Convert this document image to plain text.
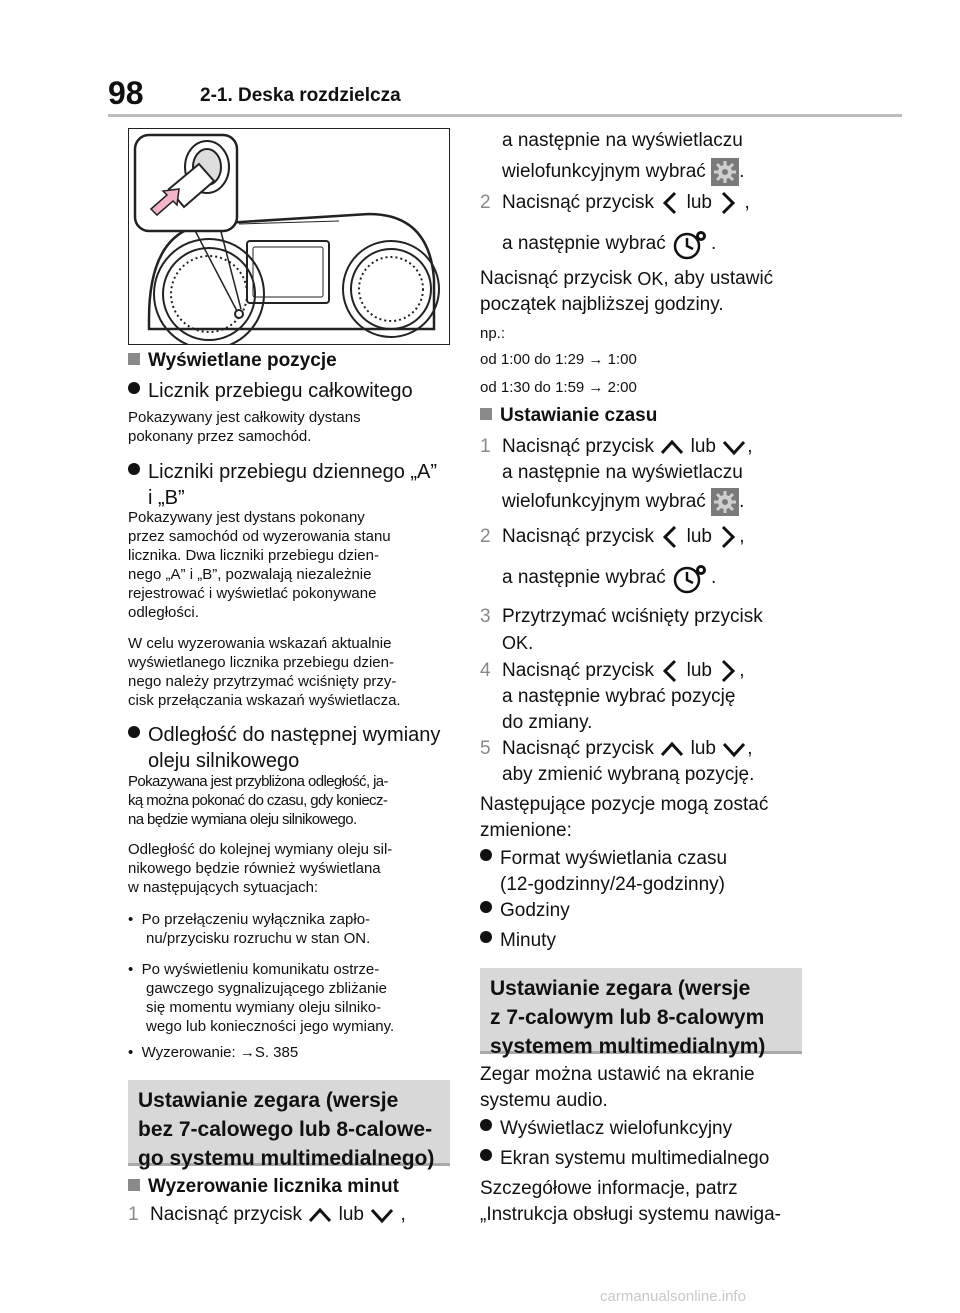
98	2-1. Deska rozdzielcza
Wyświetlane pozycje
Licznik przebiegu całkowitego
Pokazywany jest całkowity dystans
pokonany przez samochód.
Liczniki przebiegu dziennego „A”
i „B”
Pokazywany jest dystans pokonany
przez samochód od wyzerowania stanu
licznika. Dwa liczniki przebiegu dzien-
nego „A” i „B”, pozwalają niezależnie
rejestrować i wyświetlać pokonywane
odległości.
W celu wyzerowania wskazań aktualnie
wyświetlanego licznika przebiegu dzien-
nego należy przytrzymać wciśnięty przy-
cisk przełączania wskazań wyświetlacza.
Odległość do następnej wymiany
oleju silnikowego
Pokazywana jest przybliżona odległość, ja-
ką można pokonać do czasu, gdy koniecz-
na będzie wymiana oleju silnikowego.
Odległość do kolejnej wymiany oleju sil-
nikowego będzie również wyświetlana
w następujących sytuacjach:
•  Po przełączeniu wyłącznika zapło-
nu/przycisku rozruchu w stan ON.
•  Po wyświetleniu komunikatu ostrze-
gawczego sygnalizującego zbliżanie
się momentu wymiany oleju silniko-
wego lub konieczności jego wymiany.
•  Wyzerowanie: →S. 385
Ustawianie zegara (wersje
bez 7-calowego lub 8-calowe-
go systemu multimedialnego)
Wyzerowanie licznika minut
1 Nacisnąć przycisk lub ,
a następnie na wyświetlaczu
wielofunkcyjnym wybrać .
2 Nacisnąć przycisk lub ,
a następnie wybrać .
Nacisnąć przycisk OK, aby ustawić
początek najbliższej godziny.
np.:
od 1:00 do 1:29 → 1:00
od 1:30 do 1:59 → 2:00
Ustawianie czasu
1 Nacisnąć przycisk lub ,
a następnie na wyświetlaczu
wielofunkcyjnym wybrać .
2 Nacisnąć przycisk lub ,
a następnie wybrać .
3 Przytrzymać wciśnięty przycisk
OK.
4 Nacisnąć przycisk lub ,
a następnie wybrać pozycję
do zmiany.
5 Nacisnąć przycisk lub ,
aby zmienić wybraną pozycję.
Następujące pozycje mogą zostać
zmienione:
Format wyświetlania czasu
(12-godzinny/24-godzinny)
Godziny
Minuty
Ustawianie zegara (wersje
z 7-calowym lub 8-calowym
systemem multimedialnym)
Zegar można ustawić na ekranie
systemu audio.
Wyświetlacz wielofunkcyjny
Ekran systemu multimedialnego
Szczegółowe informacje, patrz
„Instrukcja obsługi systemu nawiga-
carmanualsonline.info
